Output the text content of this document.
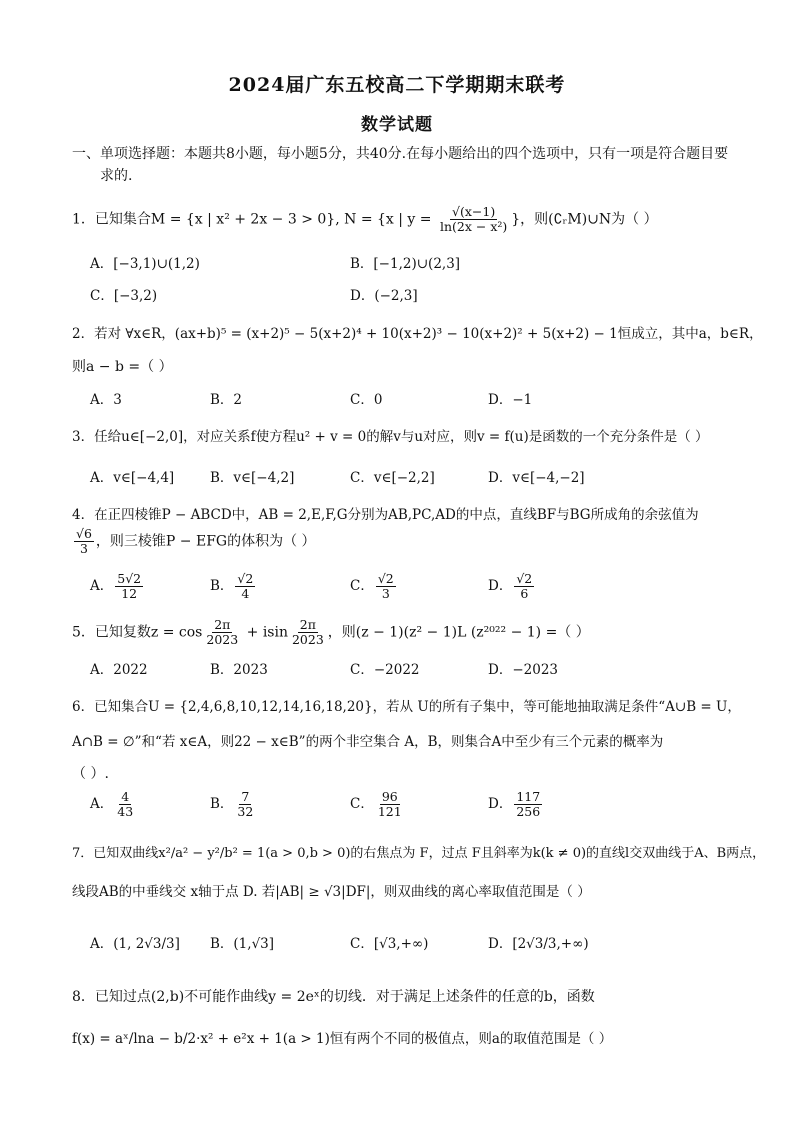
2024届广东五校高二下学期期末联考
数学试题
一、单项选择题：本题共8小题，每小题5分，共40分.在每小题给出的四个选项中，只有一项是符合题目要
求的.
1．已知集合M = {x | x² + 2x − 3 > 0}, N = {x | $y = \frac{√(x-1)}{\text{ln(2x − x²)}}$ }，则(∁ᵣM)∪N为（ ）
A．[−3,1)∪(1,2)	B．[−1,2)∪(2,3]
C．[−3,2)	D．(−2,3]
2．若对 ∀x∈R，(ax+b)⁵ = (x+2)⁵ − 5(x+2)⁴ + 10(x+2)³ − 10(x+2)² + 5(x+2) − 1恒成立，其中a，b∈R，
则a − b =（ ）
A．3	B．2	C．0	D．−1
3．任给u∈[−2,0]，对应关系f使方程u² + v = 0的解v与u对应，则v = f(u)是函数的一个充分条件是（ ）
A．v∈[−4,4]	B．v∈[−4,2]	C．v∈[−2,2]	D．v∈[−4,−2]
4．在正四棱锥P − ABCD中，AB = 2,E,F,G分别为AB,PC,AD的中点，直线BF与BG所成角的余弦值为
$\frac{√6}{3}$ ，则三棱锥P − EFG的体积为（ ）
A． $\frac{5√2}{12}$	B． $\frac{√2}{4}$	C． $\frac{√2}{3}$	D． $\frac{√2}{6}$
5．已知复数$z = \cos \frac{2\pi}{2023} + isin \frac{2\pi}{2023}$ ，则(z − 1)(z² − 1)L (z²⁰²² − 1) =（ ）
A．2022	B．2023	C．−2022	D．−2023
6．已知集合U = {2,4,6,8,10,12,14,16,18,20}，若从 U的所有子集中，等可能地抽取满足条件“A∪B = U，
A∩B = ∅”和“若 x∈A，则22 − x∈B”的两个非空集合 A，B，则集合A中至少有三个元素的概率为
（ ）.
A． $\frac{4}{43}$	B． $\frac{7}{32}$	C． $\frac{96}{121}$	D． $\frac{117}{256}$
7．已知双曲线x²/a² − y²/b² = 1(a > 0,b > 0)的右焦点为 F，过点 F且斜率为k(k ≠ 0)的直线l交双曲线于A、B两点，
线段AB的中垂线交 x轴于点 D. 若|AB| ≥ √3|DF|，则双曲线的离心率取值范围是（ ）
A．(1, 2√3/3] B．(1,√3]	C．[√3,+∞)	D．[2√3/3,+∞)
8．已知过点(2,b)不可能作曲线y = 2eˣ的切线．对于满足上述条件的任意的b，函数
f(x) = aˣ/lna − b/2·x² + e²x + 1(a > 1)恒有两个不同的极值点，则a的取值范围是（ ）
